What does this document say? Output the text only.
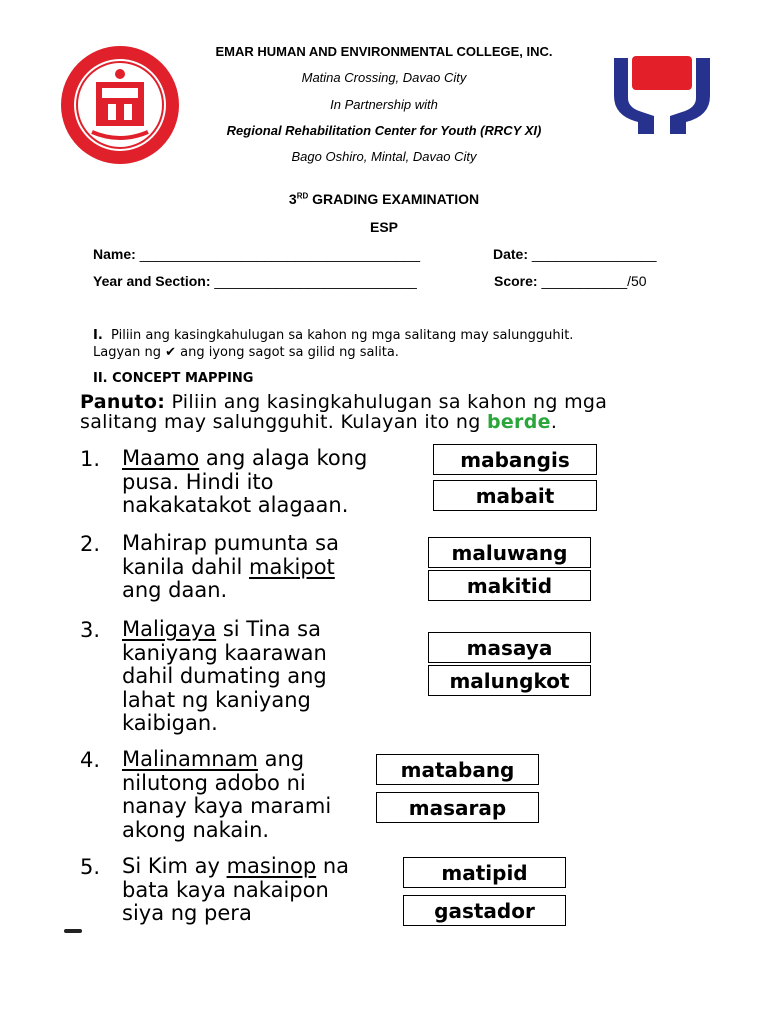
EMAR HUMAN AND ENVIRONMENTAL COLLEGE, INC.
Matina Crossing, Davao City
In Partnership with
Regional Rehabilitation Center for Youth (RRCY XI)
Bago Oshiro, Mintal, Davao City
3RD GRADING EXAMINATION
ESP
Name: ____________________________________	Date: ________________
Year and Section: __________________________	Score: ___________/50
I. Piliin ang kasingkahulugan sa kahon ng mga salitang may salungguhit.
Lagyan ng ✔ ang iyong sagot sa gilid ng salita.
II. CONCEPT MAPPING
Panuto: Piliin ang kasingkahulugan sa kahon ng mga
salitang may salungguhit. Kulayan ito ng berde.
1. Maamo ang alaga kong
pusa. Hindi ito
nakakatakot alagaan.
mabangis
mabait
2. Mahirap pumunta sa
kanila dahil makipot
ang daan.
maluwang
makitid
3. Maligaya si Tina sa
kaniyang kaarawan
dahil dumating ang
lahat ng kaniyang
kaibigan.
masaya
malungkot
4. Malinamnam ang
nilutong adobo ni
nanay kaya marami
akong nakain.
matabang
masarap
5. Si Kim ay masinop na
bata kaya nakaipon
siya ng pera
matipid
gastador
